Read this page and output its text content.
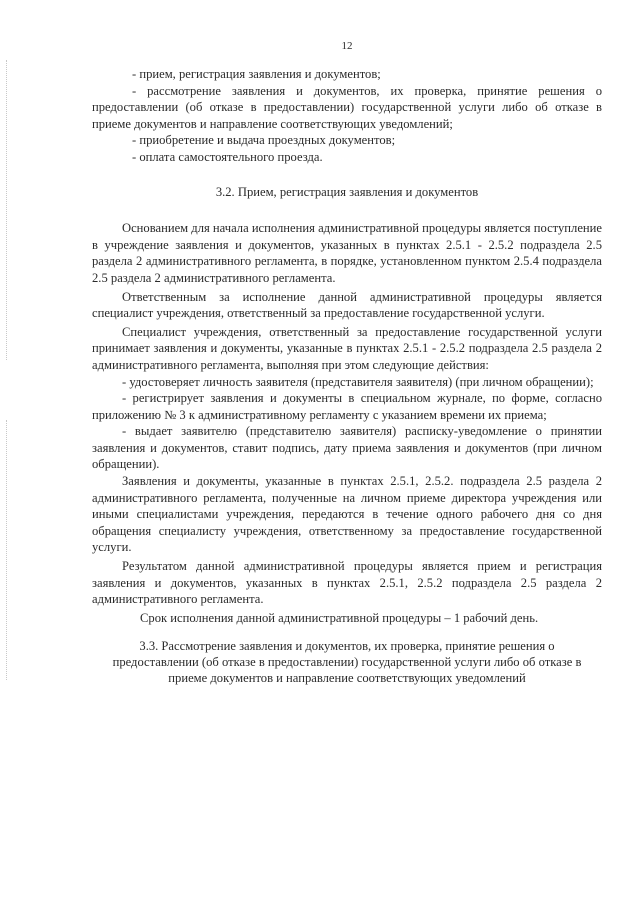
12

- прием, регистрация заявления и документов;

- рассмотрение заявления и документов, их проверка, принятие решения о предоставлении (об отказе в предоставлении) государственной услуги либо об отказе в приеме документов и направление соответствующих уведомлений;

- приобретение и выдача проездных документов;

- оплата самостоятельного проезда.

3.2. Прием, регистрация заявления и документов

Основанием для начала исполнения административной процедуры является поступление в учреждение заявления и документов, указанных в пунктах 2.5.1 - 2.5.2 подраздела 2.5 раздела 2 административного регламента, в порядке, установленном пунктом 2.5.4 подраздела 2.5 раздела 2 административного регламента.

Ответственным за исполнение данной административной процедуры является специалист учреждения, ответственный за предоставление государственной услуги.

Специалист учреждения, ответственный за предоставление государственной услуги принимает заявления и документы, указанные в пунктах 2.5.1 - 2.5.2 подраздела 2.5 раздела 2 административного регламента, выполняя при этом следующие действия:

- удостоверяет личность заявителя (представителя заявителя) (при личном обращении);

- регистрирует заявления и документы в специальном журнале, по форме, согласно приложению № 3 к административному регламенту с указанием времени их приема;

- выдает заявителю (представителю заявителя) расписку-уведомление о принятии заявления и документов, ставит подпись, дату приема заявления и документов (при личном обращении).

Заявления и документы, указанные в пунктах 2.5.1, 2.5.2. подраздела 2.5 раздела 2 административного регламента, полученные на личном приеме директора учреждения или иными специалистами учреждения, передаются в течение одного рабочего дня со дня обращения специалисту учреждения, ответственному за предоставление государственной услуги.

Результатом данной административной процедуры является прием и регистрация заявления и документов, указанных в пунктах 2.5.1, 2.5.2 подраздела 2.5 раздела 2 административного регламента.

Срок исполнения данной административной процедуры – 1 рабочий день.

3.3. Рассмотрение заявления и документов, их проверка, принятие решения о предоставлении (об отказе в предоставлении) государственной услуги либо об отказе в приеме документов и направление соответствующих уведомлений
